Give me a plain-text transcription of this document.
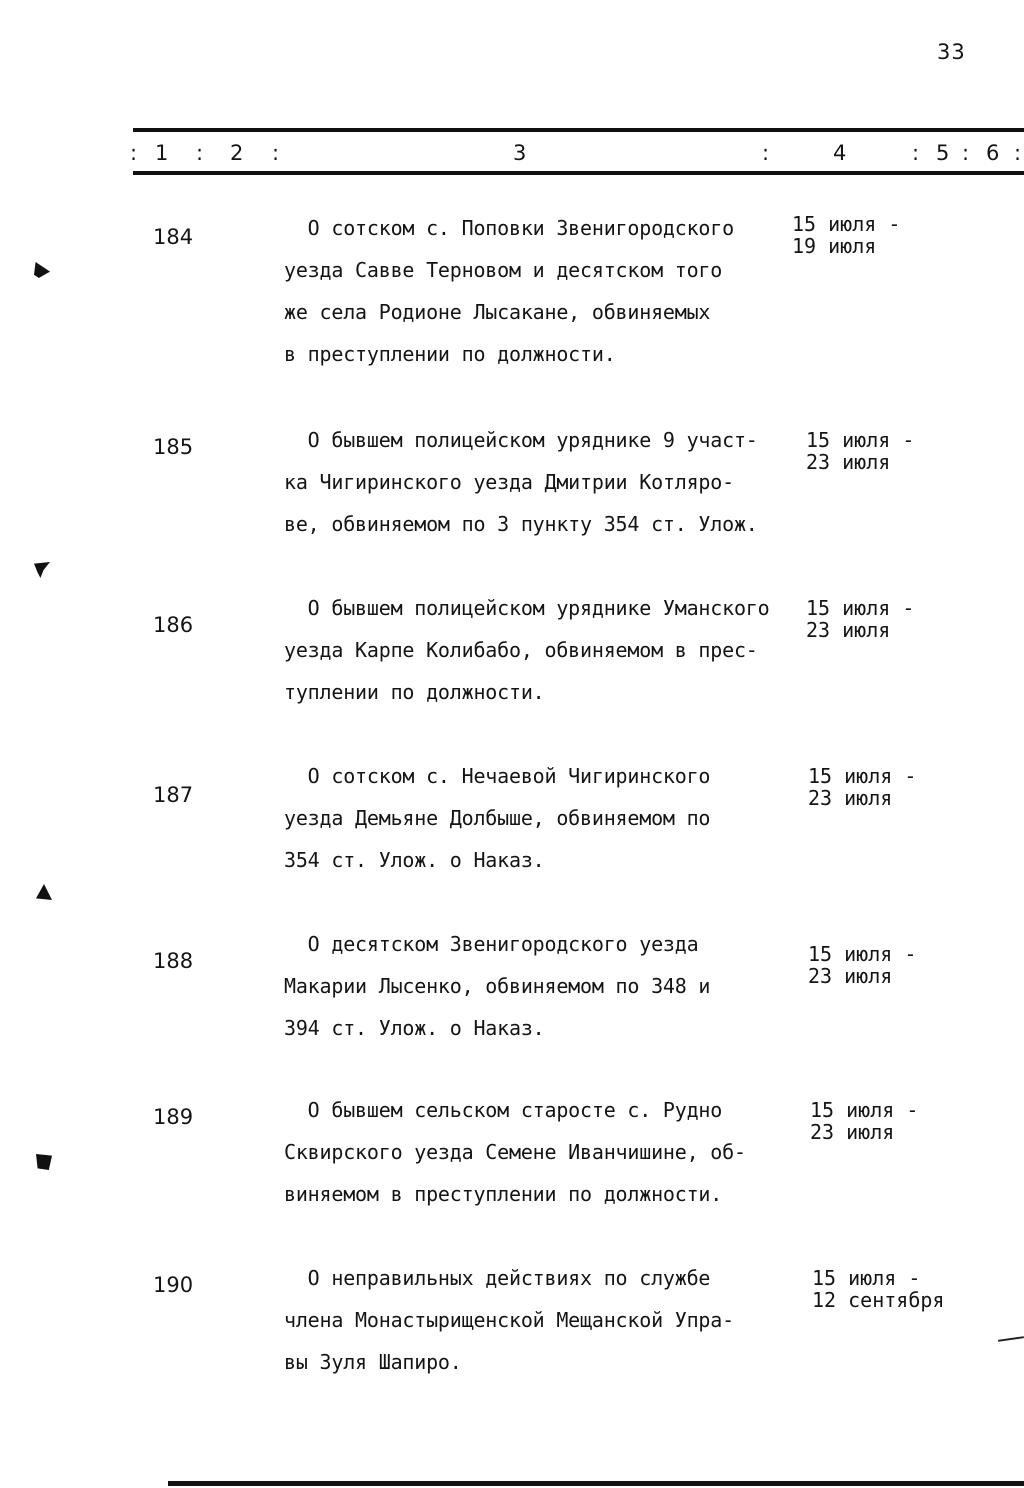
33
: 1 : 2 :	3	:	4	: 5 : 6 :
184	О сотском с. Поповки Звенигородского
уезда Савве Терновом и десятском того
же села Родионе Лысакане, обвиняемых
в преступлении по должности.
15 июля -
19 июля
185	О бывшем полицейском уряднике 9 участ-
ка Чигиринского уезда Дмитрии Котляро-
ве, обвиняемом по 3 пункту 354 ст. Улож.
15 июля -
23 июля
186
О бывшем полицейском уряднике Уманского
уезда Карпе Колибабо, обвиняемом в прес-
туплении по должности.
15 июля -
23 июля
187
О сотском с. Нечаевой Чигиринского
уезда Демьяне Долбыше, обвиняемом по
354 ст. Улож. о Наказ.
15 июля -
23 июля
188
О десятском Звенигородского уезда
Макарии Лысенко, обвиняемом по 348 и
394 ст. Улож. о Наказ.
15 июля -
23 июля
189	О бывшем сельском старосте с. Рудно
Сквирского уезда Семене Иванчишине, об-
виняемом в преступлении по должности.
15 июля -
23 июля
190	О неправильных действиях по службе
члена Монастырищенской Мещанской Упра-
вы Зуля Шапиро.
15 июля -
12 сентября
